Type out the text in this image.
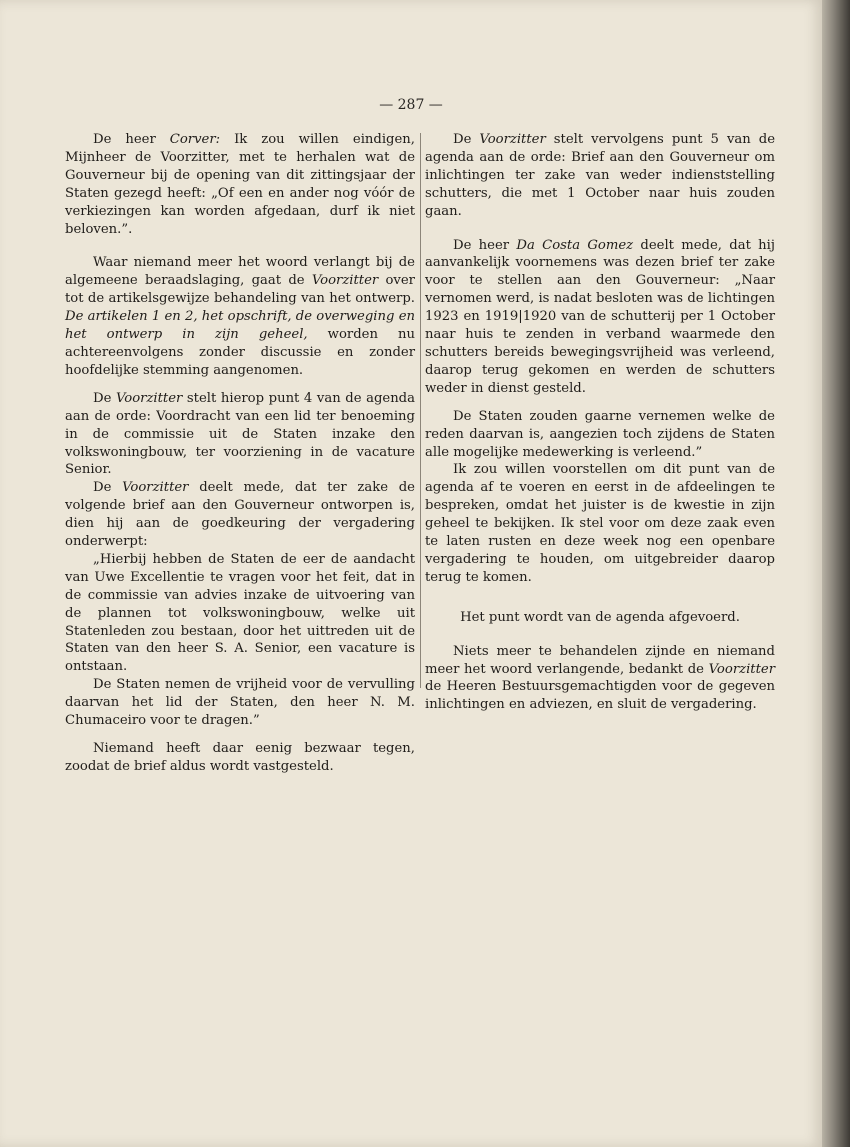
— 287 —

De heer Corver: Ik zou willen eindigen, Mijnheer de Voorzitter, met te herhalen wat de Gouverneur bij de opening van dit zittingsjaar der Staten gezegd heeft: „Of een en ander nog vóór de verkiezingen kan worden afgedaan, durf ik niet beloven.”.

Waar niemand meer het woord verlangt bij de algemeene beraadslaging, gaat de Voorzitter over tot de artikelsgewijze behandeling van het ontwerp. De artikelen 1 en 2, het opschrift, de overweging en het ontwerp in zijn geheel, worden nu achtereenvolgens zonder discussie en zonder hoofdelijke stemming aangenomen.

De Voorzitter stelt hierop punt 4 van de agenda aan de orde: Voordracht van een lid ter benoeming in de commissie uit de Staten inzake den volkswoningbouw, ter voorziening in de vacature Senior.

De Voorzitter deelt mede, dat ter zake de volgende brief aan den Gouverneur ontworpen is, dien hij aan de goedkeuring der vergadering onderwerpt:

„Hierbij hebben de Staten de eer de aandacht van Uwe Excellentie te vragen voor het feit, dat in de commissie van advies inzake de uitvoering van de plannen tot volkswoningbouw, welke uit Statenleden zou bestaan, door het uittreden uit de Staten van den heer S. A. Senior, een vacature is ontstaan.

De Staten nemen de vrijheid voor de vervulling daarvan het lid der Staten, den heer N. M. Chumaceiro voor te dragen.”

Niemand heeft daar eenig bezwaar tegen, zoodat de brief aldus wordt vastgesteld.

De Voorzitter stelt vervolgens punt 5 van de agenda aan de orde: Brief aan den Gouverneur om inlichtingen ter zake van weder indienststelling schutters, die met 1 October naar huis zouden gaan.

De heer Da Costa Gomez deelt mede, dat hij aanvankelijk voornemens was dezen brief ter zake voor te stellen aan den Gouverneur: „Naar vernomen werd, is nadat besloten was de lichtingen 1923 en 1919|1920 van de schutterij per 1 October naar huis te zenden in verband waarmede den schutters bereids bewegingsvrijheid was verleend, daarop terug gekomen en werden de schutters weder in dienst gesteld.

De Staten zouden gaarne vernemen welke de reden daarvan is, aangezien toch zijdens de Staten alle mogelijke medewerking is verleend.”

Ik zou willen voorstellen om dit punt van de agenda af te voeren en eerst in de afdeelingen te bespreken, omdat het juister is de kwestie in zijn geheel te bekijken. Ik stel voor om deze zaak even te laten rusten en deze week nog een openbare vergadering te houden, om uitgebreider daarop terug te komen.

Het punt wordt van de agenda afgevoerd.

Niets meer te behandelen zijnde en niemand meer het woord verlangende, bedankt de Voorzitter de Heeren Bestuursgemachtigden voor de gegeven inlichtingen en adviezen, en sluit de vergadering.
